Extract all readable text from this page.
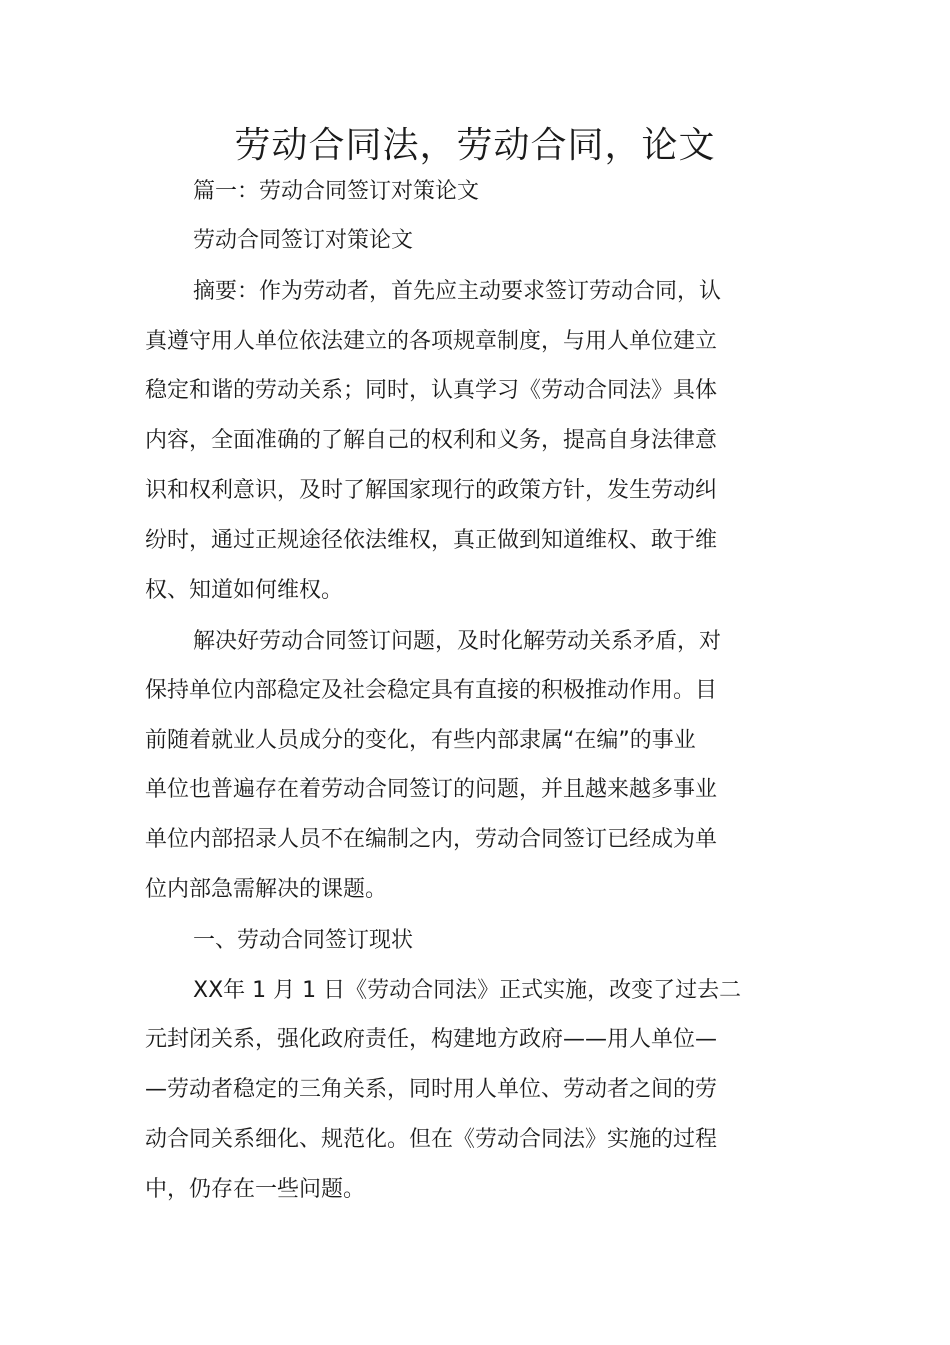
劳动合同法，劳动合同，论文

篇一：劳动合同签订对策论文

劳动合同签订对策论文

摘要：作为劳动者，首先应主动要求签订劳动合同，认

真遵守用人单位依法建立的各项规章制度，与用人单位建立

稳定和谐的劳动关系；同时，认真学习《劳动合同法》具体

内容，全面准确的了解自己的权利和义务，提高自身法律意

识和权利意识，及时了解国家现行的政策方针，发生劳动纠

纷时，通过正规途径依法维权，真正做到知道维权、敢于维

权、知道如何维权。

解决好劳动合同签订问题，及时化解劳动关系矛盾，对

保持单位内部稳定及社会稳定具有直接的积极推动作用。目

前随着就业人员成分的变化，有些内部隶属“在编”的事业

单位也普遍存在着劳动合同签订的问题，并且越来越多事业

单位内部招录人员不在编制之内，劳动合同签订已经成为单

位内部急需解决的课题。

一、劳动合同签订现状

XX年 1 月 1 日《劳动合同法》正式实施，改变了过去二

元封闭关系，强化政府责任，构建地方政府——用人单位—

—劳动者稳定的三角关系，同时用人单位、劳动者之间的劳

动合同关系细化、规范化。但在《劳动合同法》实施的过程

中，仍存在一些问题。
